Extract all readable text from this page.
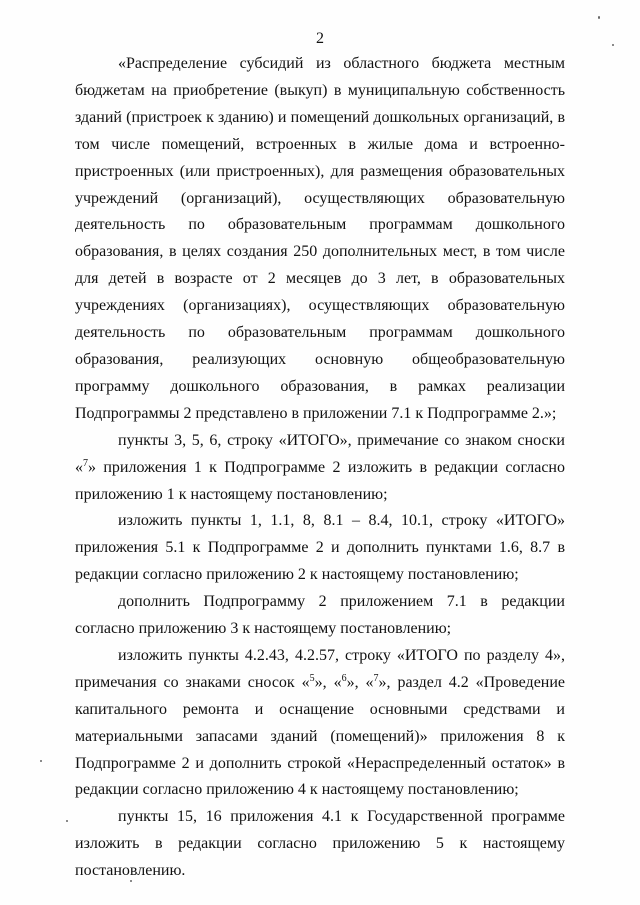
2

«Распределение субсидий из областного бюджета местным бюджетам на приобретение (выкуп) в муниципальную собственность зданий (пристроек к зданию) и помещений дошкольных организаций, в том числе помещений, встроенных в жилые дома и встроенно-пристроенных (или пристроенных), для размещения образовательных учреждений (организаций), осуществляющих образовательную деятельность по образовательным программам дошкольного образования, в целях создания 250 дополнительных мест, в том числе для детей в возрасте от 2 месяцев до 3 лет, в образовательных учреждениях (организациях), осуществляющих образовательную деятельность по образовательным программам дошкольного образования, реализующих основную общеобразовательную программу дошкольного образования, в рамках реализации Подпрограммы 2 представлено в приложении 7.1 к Подпрограмме 2.»;

пункты 3, 5, 6, строку «ИТОГО», примечание со знаком сноски «$^7$» приложения 1 к Подпрограмме 2 изложить в редакции согласно приложению 1 к настоящему постановлению;

изложить пункты 1, 1.1, 8, 8.1 – 8.4, 10.1, строку «ИТОГО» приложения 5.1 к Подпрограмме 2 и дополнить пунктами 1.6, 8.7 в редакции согласно приложению 2 к настоящему постановлению;

дополнить Подпрограмму 2 приложением 7.1 в редакции согласно приложению 3 к настоящему постановлению;

изложить пункты 4.2.43, 4.2.57, строку «ИТОГО по разделу 4», примечания со знаками сносок «$^5$», «$^6$», «$^7$», раздел 4.2 «Проведение капитального ремонта и оснащение основными средствами и материальными запасами зданий (помещений)» приложения 8 к Подпрограмме 2 и дополнить строкой «Нераспределенный остаток» в редакции согласно приложению 4 к настоящему постановлению;

пункты 15, 16 приложения 4.1 к Государственной программе изложить в редакции согласно приложению 5 к настоящему постановлению.
